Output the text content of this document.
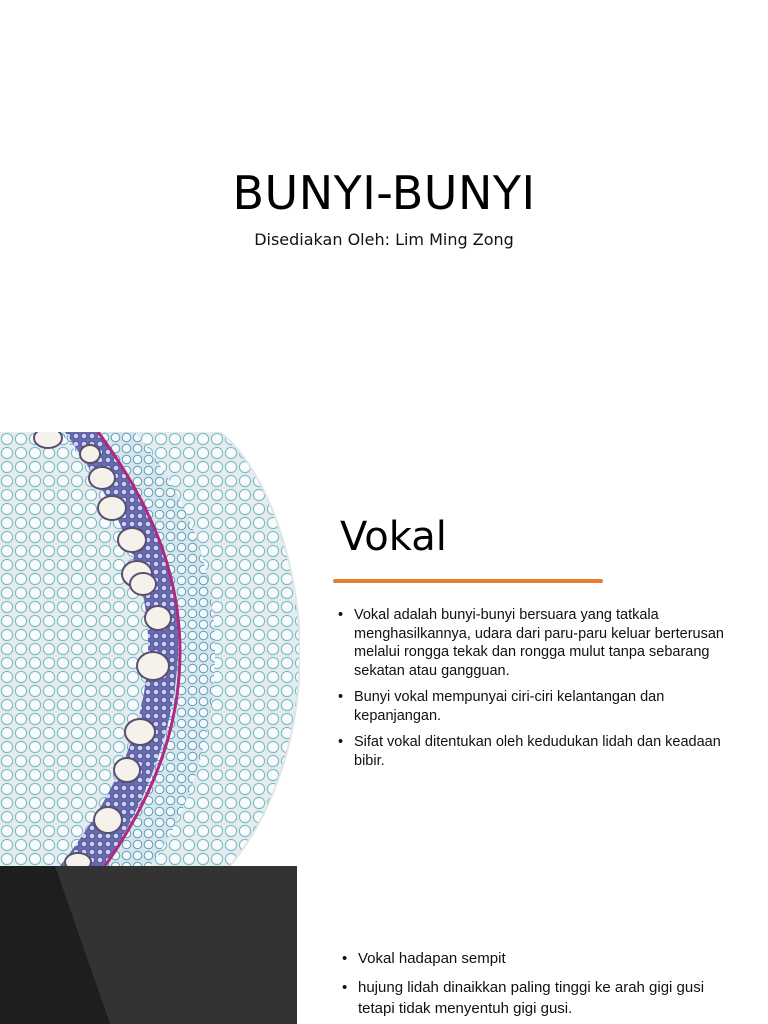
BUNYI-BUNYI
Disediakan Oleh: Lim Ming Zong
Vokal
• Vokal adalah bunyi-bunyi bersuara yang tatkala menghasilkannya, udara dari paru-paru keluar berterusan melalui rongga tekak dan rongga mulut tanpa sebarang sekatan atau gangguan.
• Bunyi vokal mempunyai ciri-ciri kelantangan dan kepanjangan.
• Sifat vokal ditentukan oleh kedudukan lidah dan keadaan bibir.
• Vokal hadapan sempit
• hujung lidah dinaikkan paling tinggi ke arah gigi gusi tetapi tidak menyentuh gigi gusi.
